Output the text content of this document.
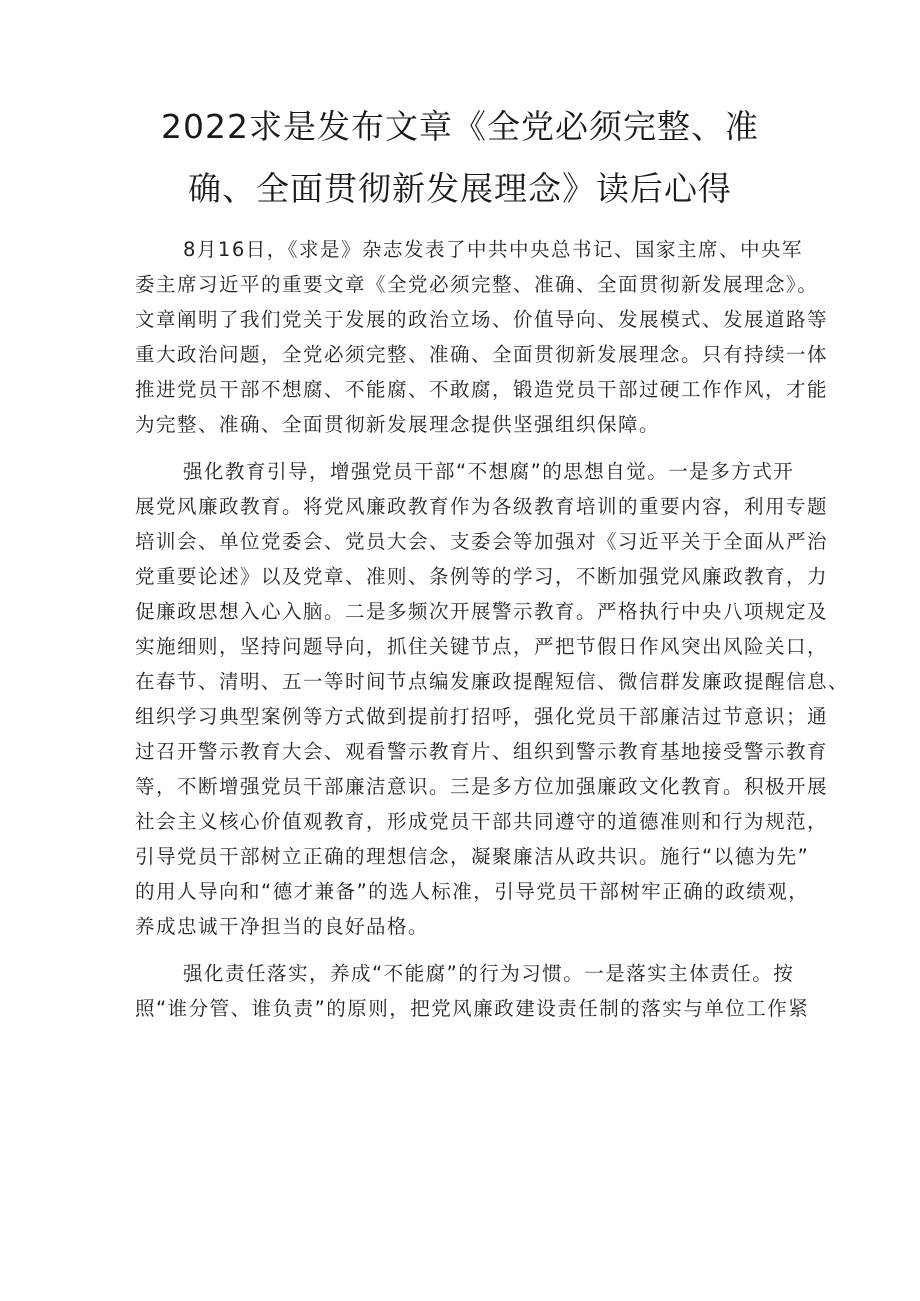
2022求是发布文章《全党必须完整、准
确、全面贯彻新发展理念》读后心得
8月16日，《求是》杂志发表了中共中央总书记、国家主席、中央军
委主席习近平的重要文章《全党必须完整、准确、全面贯彻新发展理念》。
文章阐明了我们党关于发展的政治立场、价值导向、发展模式、发展道路等
重大政治问题，全党必须完整、准确、全面贯彻新发展理念。只有持续一体
推进党员干部不想腐、不能腐、不敢腐，锻造党员干部过硬工作作风，才能
为完整、准确、全面贯彻新发展理念提供坚强组织保障。
强化教育引导，增强党员干部“不想腐”的思想自觉。一是多方式开
展党风廉政教育。将党风廉政教育作为各级教育培训的重要内容，利用专题
培训会、单位党委会、党员大会、支委会等加强对《习近平关于全面从严治
党重要论述》以及党章、准则、条例等的学习，不断加强党风廉政教育，力
促廉政思想入心入脑。二是多频次开展警示教育。严格执行中央八项规定及
实施细则，坚持问题导向，抓住关键节点，严把节假日作风突出风险关口，
在春节、清明、五一等时间节点编发廉政提醒短信、微信群发廉政提醒信息、
组织学习典型案例等方式做到提前打招呼，强化党员干部廉洁过节意识；通
过召开警示教育大会、观看警示教育片、组织到警示教育基地接受警示教育
等，不断增强党员干部廉洁意识。三是多方位加强廉政文化教育。积极开展
社会主义核心价值观教育，形成党员干部共同遵守的道德准则和行为规范，
引导党员干部树立正确的理想信念，凝聚廉洁从政共识。施行“以德为先”
的用人导向和“德才兼备”的选人标准，引导党员干部树牢正确的政绩观，
养成忠诚干净担当的良好品格。
强化责任落实，养成“不能腐”的行为习惯。一是落实主体责任。按
照“谁分管、谁负责”的原则，把党风廉政建设责任制的落实与单位工作紧
